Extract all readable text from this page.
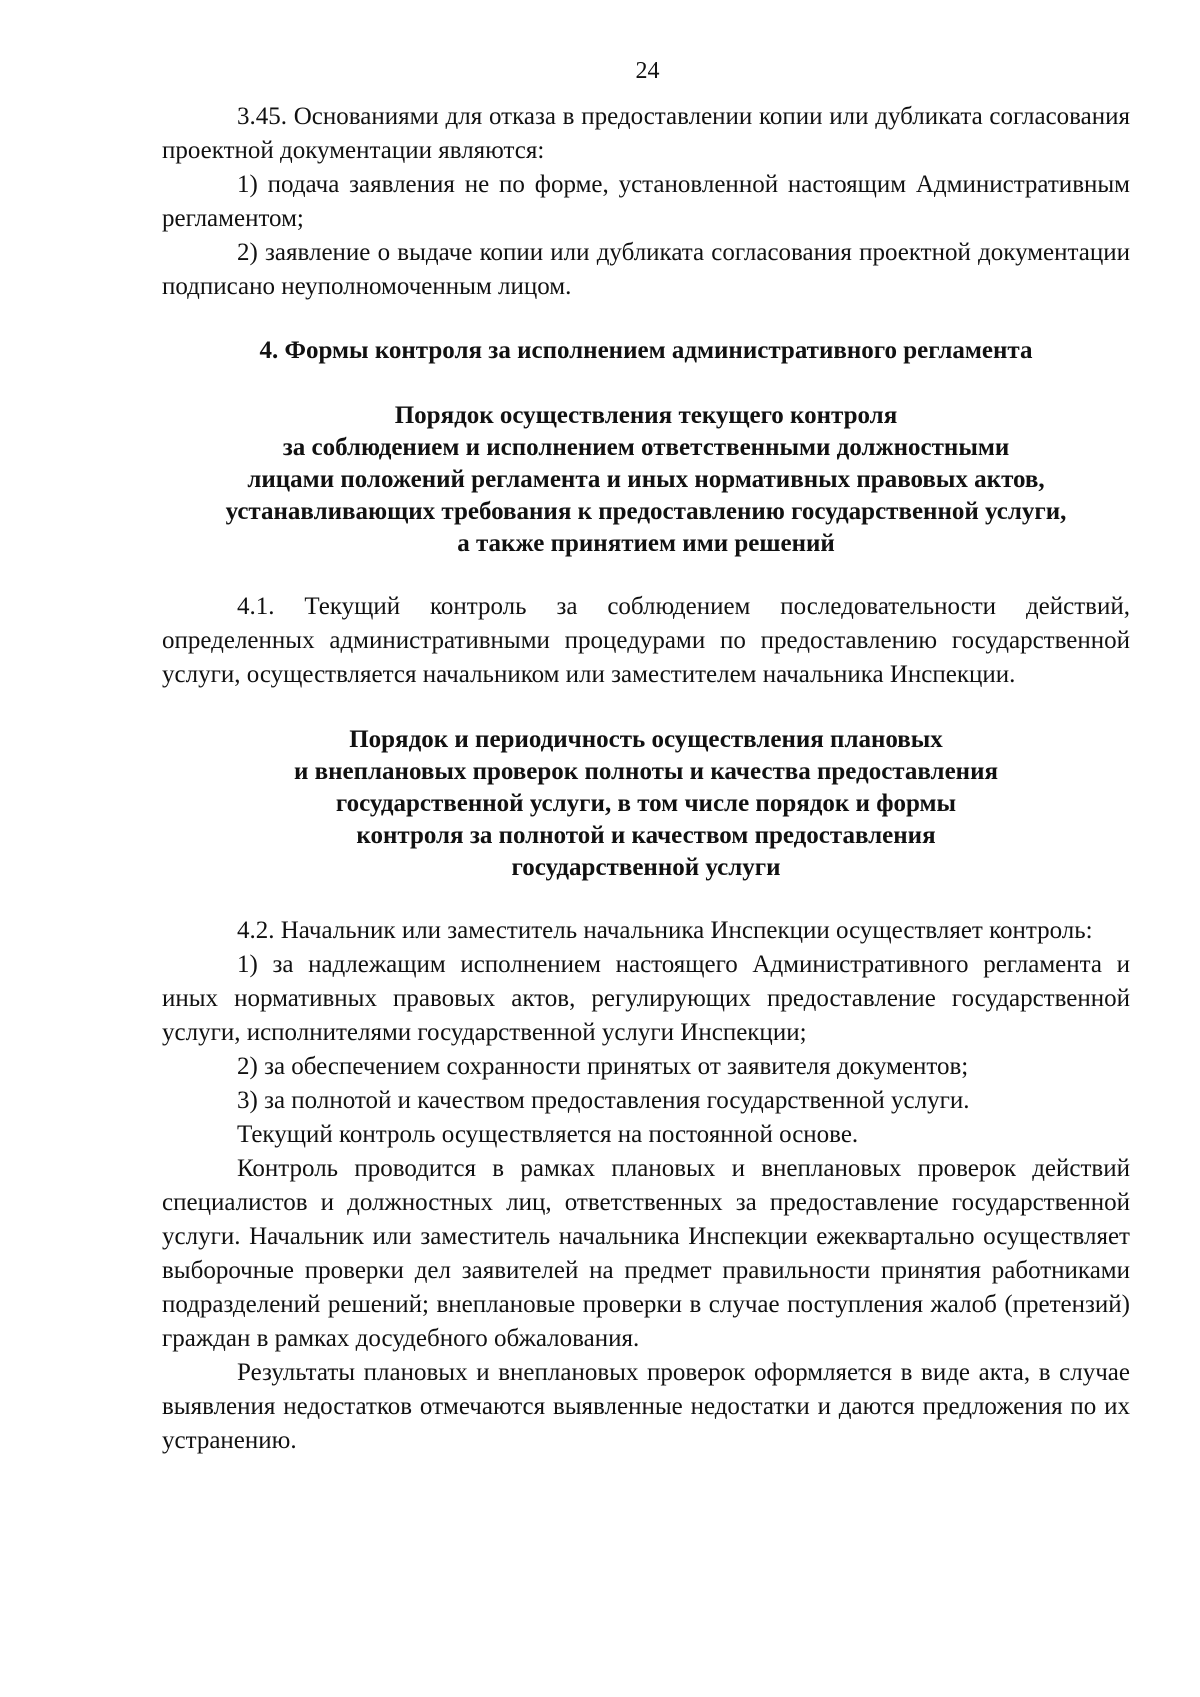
24

3.45. Основаниями для отказа в предоставлении копии или дубликата согласования проектной документации являются:

1) подача заявления не по форме, установленной настоящим Административным регламентом;

2) заявление о выдаче копии или дубликата согласования проектной документации подписано неуполномоченным лицом.

4. Формы контроля за исполнением административного регламента
Порядок осуществления текущего контроля
за соблюдением и исполнением ответственными должностными
лицами положений регламента и иных нормативных правовых актов,
устанавливающих требования к предоставлению государственной услуги,
а также принятием ими решений

4.1. Текущий контроль за соблюдением последовательности действий, определенных административными процедурами по предоставлению государственной услуги, осуществляется начальником или заместителем начальника Инспекции.

Порядок и периодичность осуществления плановых
и внеплановых проверок полноты и качества предоставления
государственной услуги, в том числе порядок и формы
контроля за полнотой и качеством предоставления
государственной услуги

4.2. Начальник или заместитель начальника Инспекции осуществляет контроль:

1) за надлежащим исполнением настоящего Административного регламента и иных нормативных правовых актов, регулирующих предоставление государственной услуги, исполнителями государственной услуги Инспекции;

2) за обеспечением сохранности принятых от заявителя документов;

3) за полнотой и качеством предоставления государственной услуги.

Текущий контроль осуществляется на постоянной основе.

Контроль проводится в рамках плановых и внеплановых проверок действий специалистов и должностных лиц, ответственных за предоставление государственной услуги. Начальник или заместитель начальника Инспекции ежеквартально осуществляет выборочные проверки дел заявителей на предмет правильности принятия работниками подразделений решений; внеплановые проверки в случае поступления жалоб (претензий) граждан в рамках досудебного обжалования.

Результаты плановых и внеплановых проверок оформляется в виде акта, в случае выявления недостатков отмечаются выявленные недостатки и даются предложения по их устранению.
